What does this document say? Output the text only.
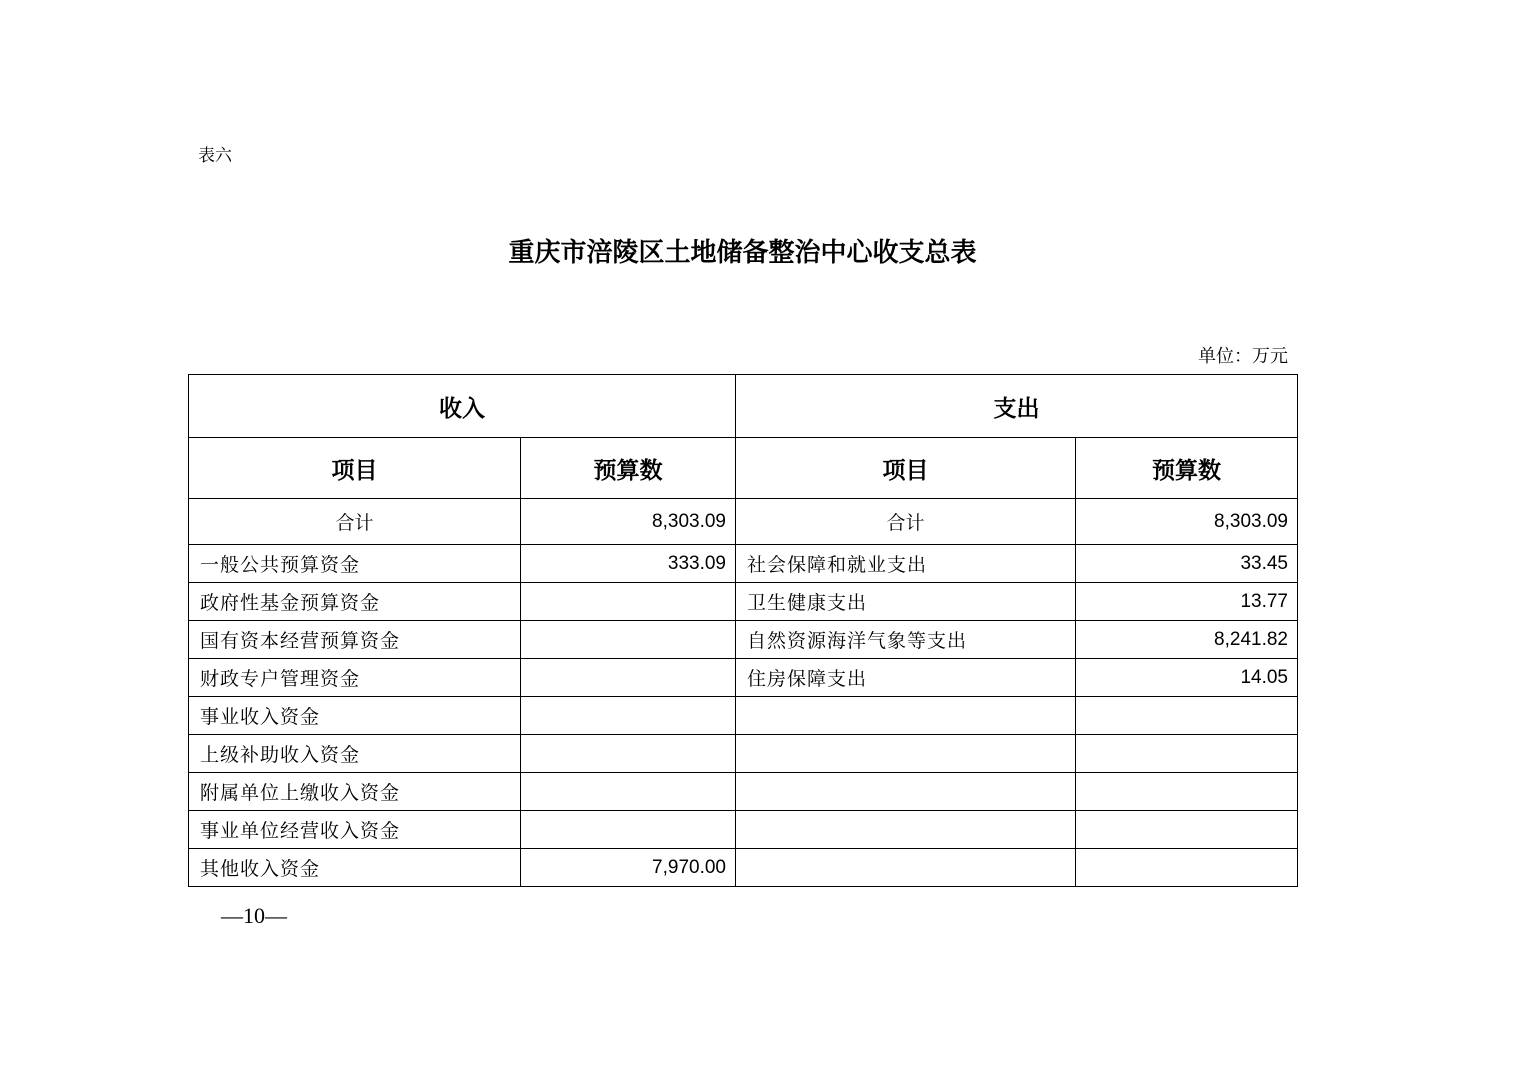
表六
重庆市涪陵区土地储备整治中心收支总表
单位：万元
收入		支出	
项目	预算数	项目	预算数
合计	8,303.09	合计	8,303.09
一般公共预算资金	333.09	社会保障和就业支出	33.45
政府性基金预算资金		卫生健康支出	13.77
国有资本经营预算资金		自然资源海洋气象等支出	8,241.82
财政专户管理资金		住房保障支出	14.05
事业收入资金			
上级补助收入资金			
附属单位上缴收入资金			
事业单位经营收入资金			
其他收入资金	7,970.00		
—10—
